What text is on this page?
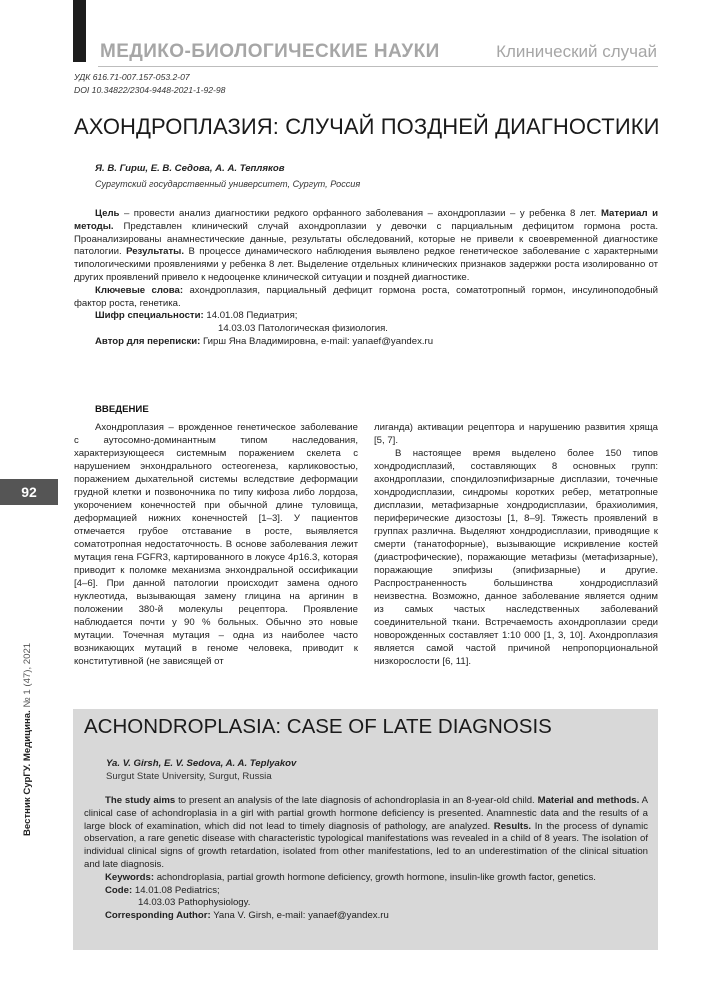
МЕДИКО-БИОЛОГИЧЕСКИЕ НАУКИ	Клинический случай
УДК 616.71-007.157-053.2-07
DOI 10.34822/2304-9448-2021-1-92-98
АХОНДРОПЛАЗИЯ: СЛУЧАЙ ПОЗДНЕЙ ДИАГНОСТИКИ
Я. В. Гирш, Е. В. Седова, А. А. Тепляков
Сургутский государственный университет, Сургут, Россия

Цель – провести анализ диагностики редкого орфанного заболевания – ахондроплазии – у ребенка 8 лет. Материал и методы. Представлен клинический случай ахондроплазии у девочки с парциальным дефицитом гормона роста. Проанализированы анамнестические данные, результаты обследований, которые не привели к своевременной диагностике патологии. Результаты. В процессе динамического наблюдения выявлено редкое генетическое заболевание с характерными типологическими проявлениями у ребенка 8 лет. Выделение отдельных клинических признаков задержки роста изолированно от других проявлений привело к недооценке клинической ситуации и поздней диагностике.

Ключевые слова: ахондроплазия, парциальный дефицит гормона роста, соматотропный гормон, инсулиноподобный фактор роста, генетика.

Шифр специальности: 14.01.08 Педиатрия;

14.03.03 Патологическая физиология.

Автор для переписки: Гирш Яна Владимировна, e-mail: yanaef@yandex.ru

ВВЕДЕНИЕ

Ахондроплазия – врожденное генетическое заболевание с аутосомно-доминантным типом наследования, характеризующееся системным поражением скелета с нарушением энхондрального остеогенеза, карликовостью, поражением дыхательной системы вследствие деформации грудной клетки и позвоночника по типу кифоза либо лордоза, укорочением конечностей при обычной длине туловища, деформацией нижних конечностей [1–3]. У пациентов отмечается грубое отставание в росте, выявляется соматотропная недостаточность. В основе заболевания лежит мутация гена FGFR3, картированного в локусе 4p16.3, которая приводит к поломке механизма энхондральной оссификации [4–6]. При данной патологии происходит замена одного нуклеотида, вызывающая замену глицина на аргинин в положении 380-й молекулы рецептора. Проявление наблюдается почти у 90 % больных. Обычно это новые мутации. Точечная мутация – одна из наиболее часто возникающих мутаций в геноме человека, приводит к конститутивной (не зависящей от

лиганда) активации рецептора и нарушению развития хряща [5, 7].

В настоящее время выделено более 150 типов хондродисплазий, составляющих 8 основных групп: ахондроплазии, спондилоэпифизарные дисплазии, точечные хондродисплазии, синдромы коротких ребер, метатропные дисплазии, метафизарные хондродисплазии, брахиолимия, периферические дизостозы [1, 8–9]. Тяжесть проявлений в группах различна. Выделяют хондродисплазии, приводящие к смерти (танатофорные), вызывающие искривление костей (диастрофические), поражающие метафизы (метафизарные), поражающие эпифизы (эпифизарные) и другие. Распространенность большинства хондродисплазий неизвестна. Возможно, данное заболевание является одним из самых частых наследственных заболеваний соединительной ткани. Встречаемость ахондроплазии среди новорожденных составляет 1:10 000 [1, 3, 10]. Ахондроплазия является самой частой причиной непропорциональной низкорослости [6, 11].

92
Вестник СурГУ. Медицина. № 1 (47), 2021
ACHONDROPLASIA: CASE OF LATE DIAGNOSIS
Ya. V. Girsh, E. V. Sedova, A. A. Teplyakov
Surgut State University, Surgut, Russia

The study aims to present an analysis of the late diagnosis of achondroplasia in an 8-year-old child. Material and methods. A clinical case of achondroplasia in a girl with partial growth hormone deficiency is presented. Anamnestic data and the results of a large block of examination, which did not lead to timely diagnosis of pathology, are analyzed. Results. In the process of dynamic observation, a rare genetic disease with characteristic typological manifestations was revealed in a child of 8 years. The isolation of individual clinical signs of growth retardation, isolated from other manifestations, led to an underestimation of the clinical situation and late diagnosis.

Keywords: achondroplasia, partial growth hormone deficiency, growth hormone, insulin-like growth factor, genetics.

Code: 14.01.08 Pediatrics;

14.03.03 Pathophysiology.

Corresponding Author: Yana V. Girsh, e-mail: yanaef@yandex.ru
